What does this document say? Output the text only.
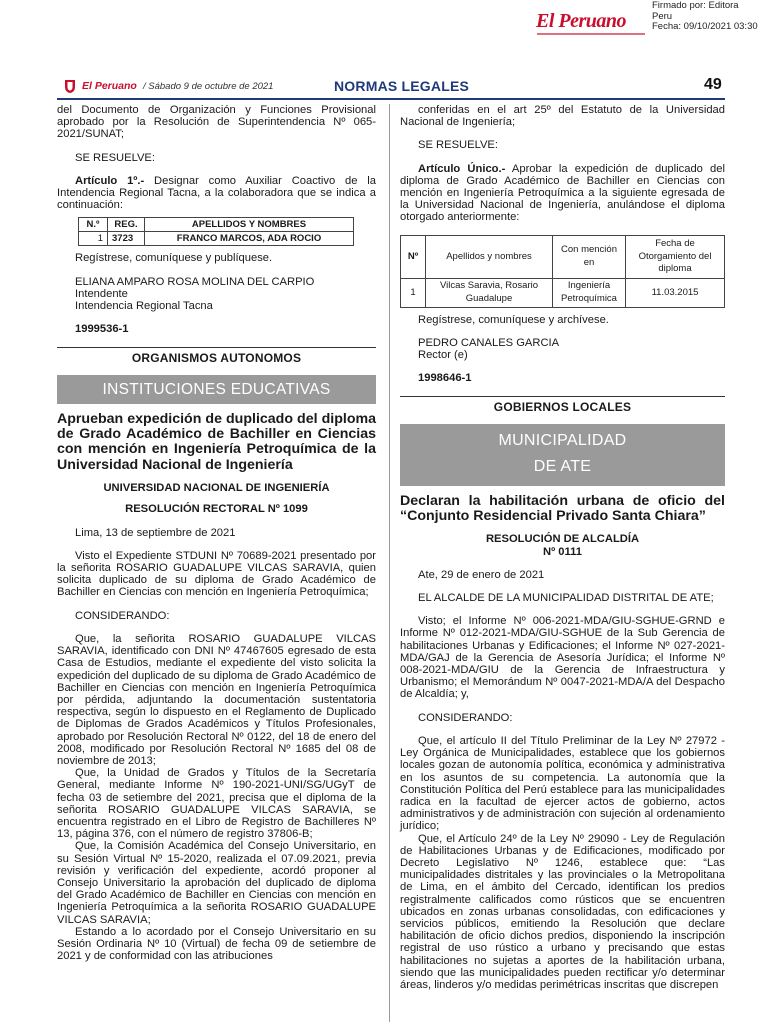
El Peruano
Firmado por: Editora
Peru
Fecha: 09/10/2021 03:30
El Peruano / Sábado 9 de octubre de 2021	NORMAS LEGALES	49

del Documento de Organización y Funciones Provisional aprobado por la Resolución de Superintendencia Nº 065-2021/SUNAT;

SE RESUELVE:

Artículo 1º.- Designar como Auxiliar Coactivo de la Intendencia Regional Tacna, a la colaboradora que se indica a continuación:

N.º	REG.	APELLIDOS Y NOMBRES
1	3723	FRANCO MARCOS, ADA ROCIO

Regístrese, comuníquese y publíquese.

ELIANA AMPARO ROSA MOLINA DEL CARPIO

Intendente

Intendencia Regional Tacna

1999536-1

ORGANISMOS AUTONOMOS
INSTITUCIONES EDUCATIVAS

Aprueban expedición de duplicado del diploma de Grado Académico de Bachiller en Ciencias con mención en Ingeniería Petroquímica de la Universidad Nacional de Ingeniería

UNIVERSIDAD NACIONAL DE INGENIERÍA

RESOLUCIÓN RECTORAL Nº 1099

Lima, 13 de septiembre de 2021

Visto el Expediente STDUNI Nº 70689-2021 presentado por la señorita ROSARIO GUADALUPE VILCAS SARAVIA, quien solicita duplicado de su diploma de Grado Académico de Bachiller en Ciencias con mención en Ingeniería Petroquímica;

CONSIDERANDO:

Que, la señorita ROSARIO GUADALUPE VILCAS SARAVIA, identificado con DNI Nº 47467605 egresado de esta Casa de Estudios, mediante el expediente del visto solicita la expedición del duplicado de su diploma de Grado Académico de Bachiller en Ciencias con mención en Ingeniería Petroquímica por pérdida, adjuntando la documentación sustentatoria respectiva, según lo dispuesto en el Reglamento de Duplicado de Diplomas de Grados Académicos y Títulos Profesionales, aprobado por Resolución Rectoral Nº 0122, del 18 de enero del 2008, modificado por Resolución Rectoral Nº 1685 del 08 de noviembre de 2013;

Que, la Unidad de Grados y Títulos de la Secretaría General, mediante Informe Nº 190-2021-UNI/SG/UGyT de fecha 03 de setiembre del 2021, precisa que el diploma de la señorita ROSARIO GUADALUPE VILCAS SARAVIA, se encuentra registrado en el Libro de Registro de Bachilleres Nº 13, página 376, con el número de registro 37806-B;

Que, la Comisión Académica del Consejo Universitario, en su Sesión Virtual Nº 15-2020, realizada el 07.09.2021, previa revisión y verificación del expediente, acordó proponer al Consejo Universitario la aprobación del duplicado de diploma del Grado Académico de Bachiller en Ciencias con mención en Ingeniería Petroquímica a la señorita ROSARIO GUADALUPE VILCAS SARAVIA;

Estando a lo acordado por el Consejo Universitario en su Sesión Ordinaria Nº 10 (Virtual) de fecha 09 de setiembre de 2021 y de conformidad con las atribuciones

conferidas en el art 25º del Estatuto de la Universidad Nacional de Ingeniería;

SE RESUELVE:

Artículo Único.- Aprobar la expedición de duplicado del diploma de Grado Académico de Bachiller en Ciencias con mención en Ingeniería Petroquímica a la siguiente egresada de la Universidad Nacional de Ingeniería, anulándose el diploma otorgado anteriormente:

Nº	Apellidos y nombres	Con mención en	Fecha de Otorgamiento del diploma
1	Vilcas Saravia, Rosario Guadalupe	Ingeniería Petroquímica	11.03.2015

Regístrese, comuníquese y archívese.

PEDRO CANALES GARCIA

Rector (e)

1998646-1

GOBIERNOS LOCALES
MUNICIPALIDAD
DE ATE

Declaran la habilitación urbana de oficio del “Conjunto Residencial Privado Santa Chiara”

RESOLUCIÓN DE ALCALDÍA

Nº 0111

Ate, 29 de enero de 2021

EL ALCALDE DE LA MUNICIPALIDAD DISTRITAL DE ATE;

Visto; el Informe Nº 006-2021-MDA/GIU-SGHUE-GRND e Informe Nº 012-2021-MDA/GIU-SGHUE de la Sub Gerencia de habilitaciones Urbanas y Edificaciones; el Informe Nº 027-2021-MDA/GAJ de la Gerencia de Asesoría Jurídica; el Informe Nº 008-2021-MDA/GIU de la Gerencia de Infraestructura y Urbanismo; el Memorándum Nº 0047-2021-MDA/A del Despacho de Alcaldía; y,

CONSIDERANDO:

Que, el artículo II del Título Preliminar de la Ley Nº 27972 - Ley Orgánica de Municipalidades, establece que los gobiernos locales gozan de autonomía política, económica y administrativa en los asuntos de su competencia. La autonomía que la Constitución Política del Perú establece para las municipalidades radica en la facultad de ejercer actos de gobierno, actos administrativos y de administración con sujeción al ordenamiento jurídico;

Que, el Artículo 24º de la Ley Nº 29090 - Ley de Regulación de Habilitaciones Urbanas y de Edificaciones, modificado por Decreto Legislativo Nº 1246, establece que: “Las municipalidades distritales y las provinciales o la Metropolitana de Lima, en el ámbito del Cercado, identifican los predios registralmente calificados como rústicos que se encuentren ubicados en zonas urbanas consolidadas, con edificaciones y servicios públicos, emitiendo la Resolución que declare habilitación de oficio dichos predios, disponiendo la inscripción registral de uso rústico a urbano y precisando que estas habilitaciones no sujetas a aportes de la habilitación urbana, siendo que las municipalidades pueden rectificar y/o determinar áreas, linderos y/o medidas perimétricas inscritas que discrepen
